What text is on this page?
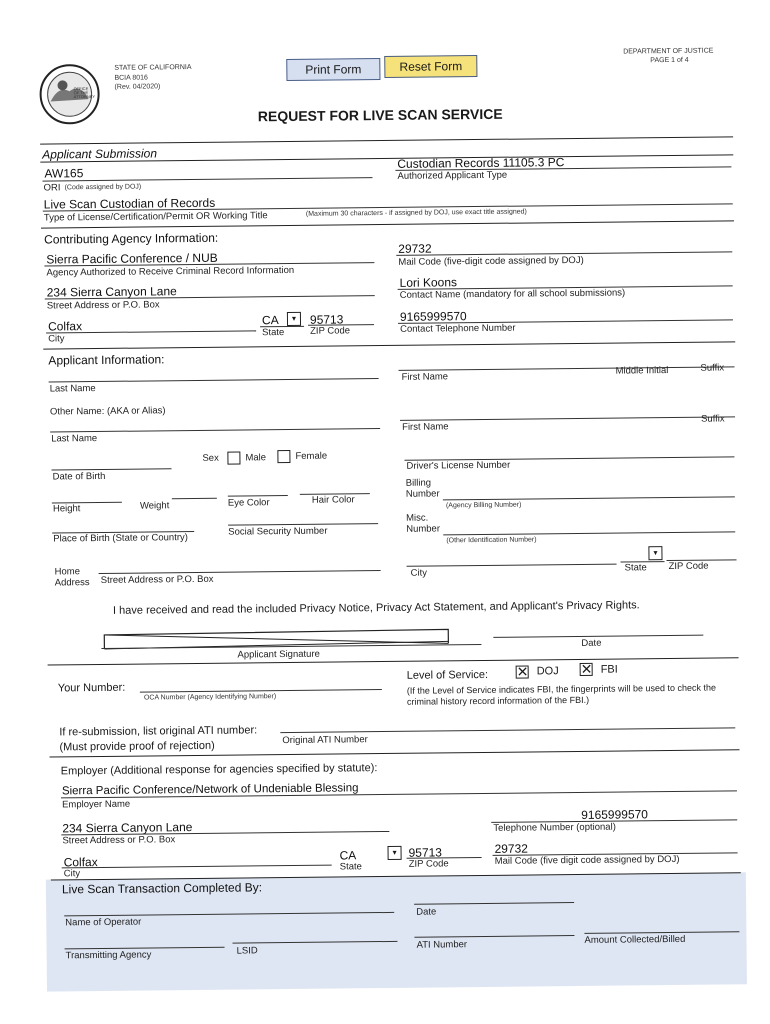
OFFICE
OF THE
ATTORNEY
STATE OF CALIFORNIA
BCIA 8016
(Rev. 04/2020)
DEPARTMENT OF JUSTICE
PAGE 1 of 4
Print Form	Reset Form
REQUEST FOR LIVE SCAN SERVICE
Applicant Submission
AW165
ORI (Code assigned by DOJ)
Custodian Records 11105.3 PC
Authorized Applicant Type
Live Scan Custodian of Records
Type of License/Certification/Permit OR Working Title	(Maximum 30 characters - if assigned by DOJ, use exact title assigned)
Contributing Agency Information:
Sierra Pacific Conference / NUB
Agency Authorized to Receive Criminal Record Information
29732
Mail Code (five-digit code assigned by DOJ)
234 Sierra Canyon Lane
Street Address or P.O. Box
Lori Koons
Contact Name (mandatory for all school submissions)
Colfax
City
CA	▾
State
95713
ZIP Code
9165999570
Contact Telephone Number
Applicant Information:
Last Name
First Name
Middle Initial	Suffix
Other Name: (AKA or Alias)
Last Name
First Name
Suffix
Sex	Male	Female
Date of Birth
Driver's License Number
Height	Weight	Eye Color	Hair Color
Billing
Number
(Agency Billing Number)
Place of Birth (State or Country)
Social Security Number
Misc.
Number
(Other Identification Number)
Home
Address Street Address or P.O. Box
City
▾
State ZIP Code
I have received and read the included Privacy Notice, Privacy Act Statement, and Applicant's Privacy Rights.
Applicant Signature
Date
Your Number:
OCA Number (Agency Identifying Number)
Level of Service: ✕ DOJ ✕ FBI
(If the Level of Service indicates FBI, the fingerprints will be used to check the
criminal history record information of the FBI.)
If re-submission, list original ATI number:
(Must provide proof of rejection)	Original ATI Number
Employer (Additional response for agencies specified by statute):
Sierra Pacific Conference/Network of Undeniable Blessing
Employer Name
234 Sierra Canyon Lane
Street Address or P.O. Box
9165999570
Telephone Number (optional)
Colfax
City
CA
State
▾ 95713
ZIP Code
29732
Mail Code (five digit code assigned by DOJ)
Live Scan Transaction Completed By:
Name of Operator
Date
Transmitting Agency	LSID
ATI Number	Amount Collected/Billed
